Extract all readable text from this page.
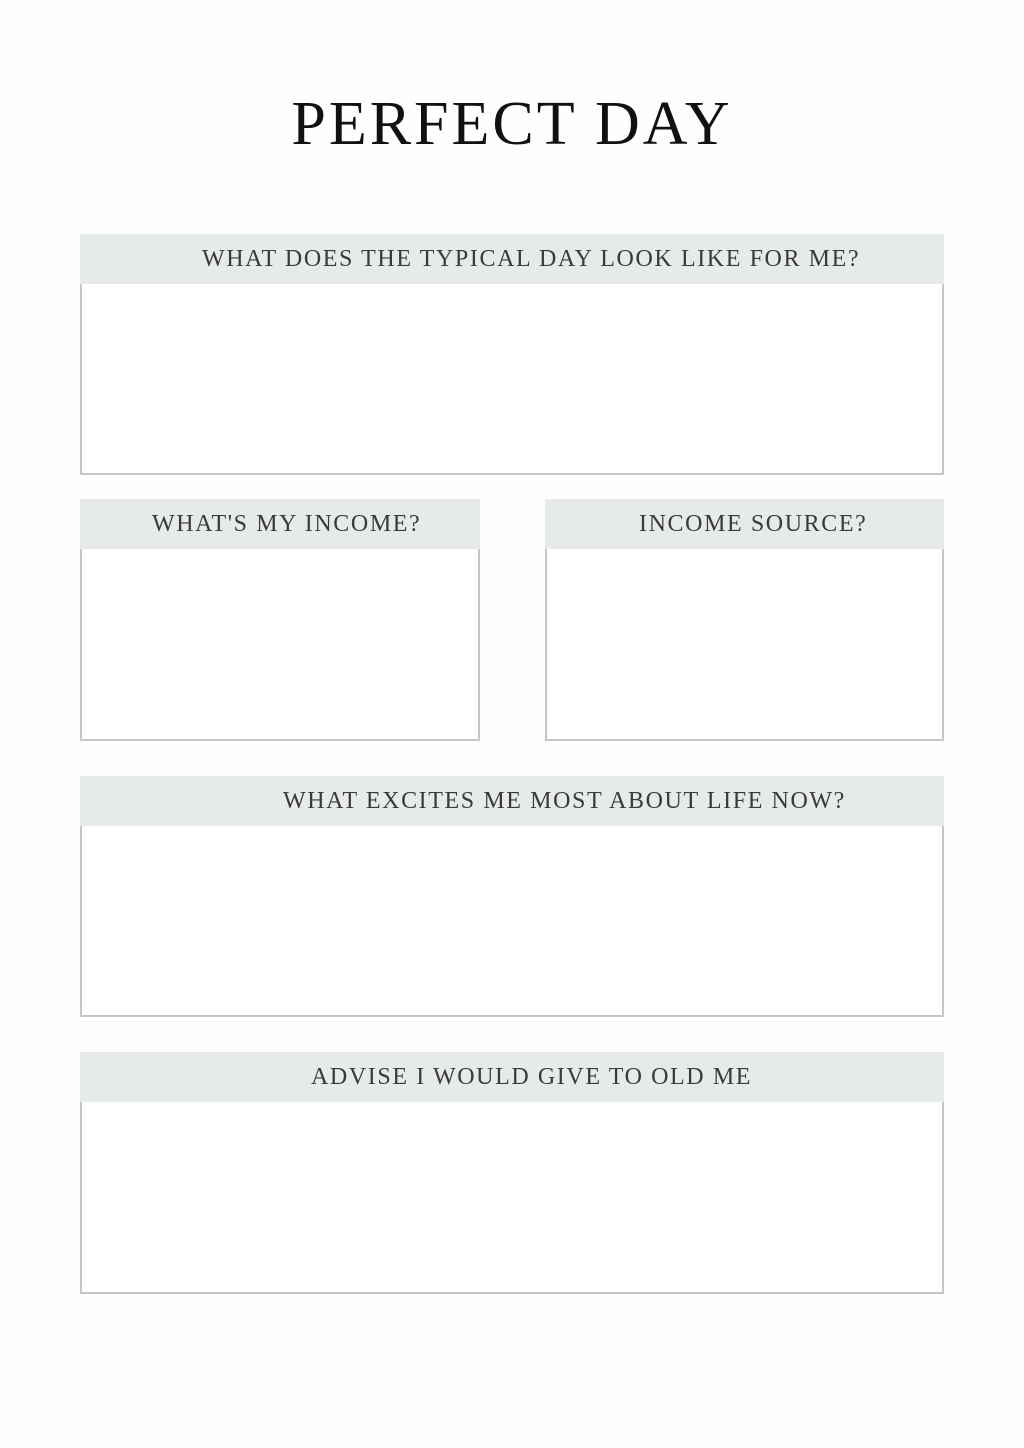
PERFECT DAY
WHAT DOES THE TYPICAL DAY LOOK LIKE FOR ME?
WHAT'S MY INCOME?	INCOME SOURCE?
WHAT EXCITES ME MOST ABOUT LIFE NOW?
ADVISE I WOULD GIVE TO OLD ME
